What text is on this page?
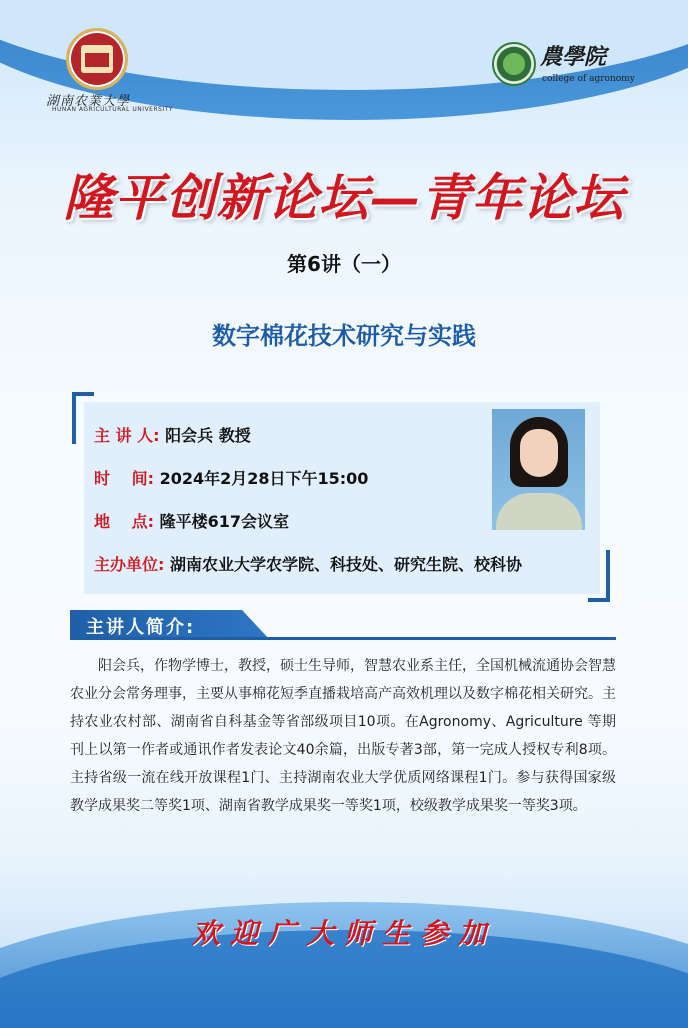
湖南农業大學
HUNAN AGRICULTURAL UNIVERSITY
農學院
college of agronomy
隆平创新论坛—青年论坛
第6讲（一）
数字棉花技术研究与实践
主 讲 人: 阳会兵 教授
时　 间: 2024年2月28日下午15:00
地　 点: 隆平楼617会议室
主办单位: 湖南农业大学农学院、科技处、研究生院、校科协
主讲人简介:
阳会兵，作物学博士，教授，硕士生导师，智慧农业系主任，全国机械流通协会智慧农业分会常务理事，主要从事棉花短季直播栽培高产高效机理以及数字棉花相关研究。主持农业农村部、湖南省自科基金等省部级项目10项。在Agronomy、Agriculture 等期刊上以第一作者或通讯作者发表论文40余篇，出版专著3部，第一完成人授权专利8项。主持省级一流在线开放课程1门、主持湖南农业大学优质网络课程1门。参与获得国家级教学成果奖二等奖1项、湖南省教学成果奖一等奖1项，校级教学成果奖一等奖3项。
欢迎广大师生参加
